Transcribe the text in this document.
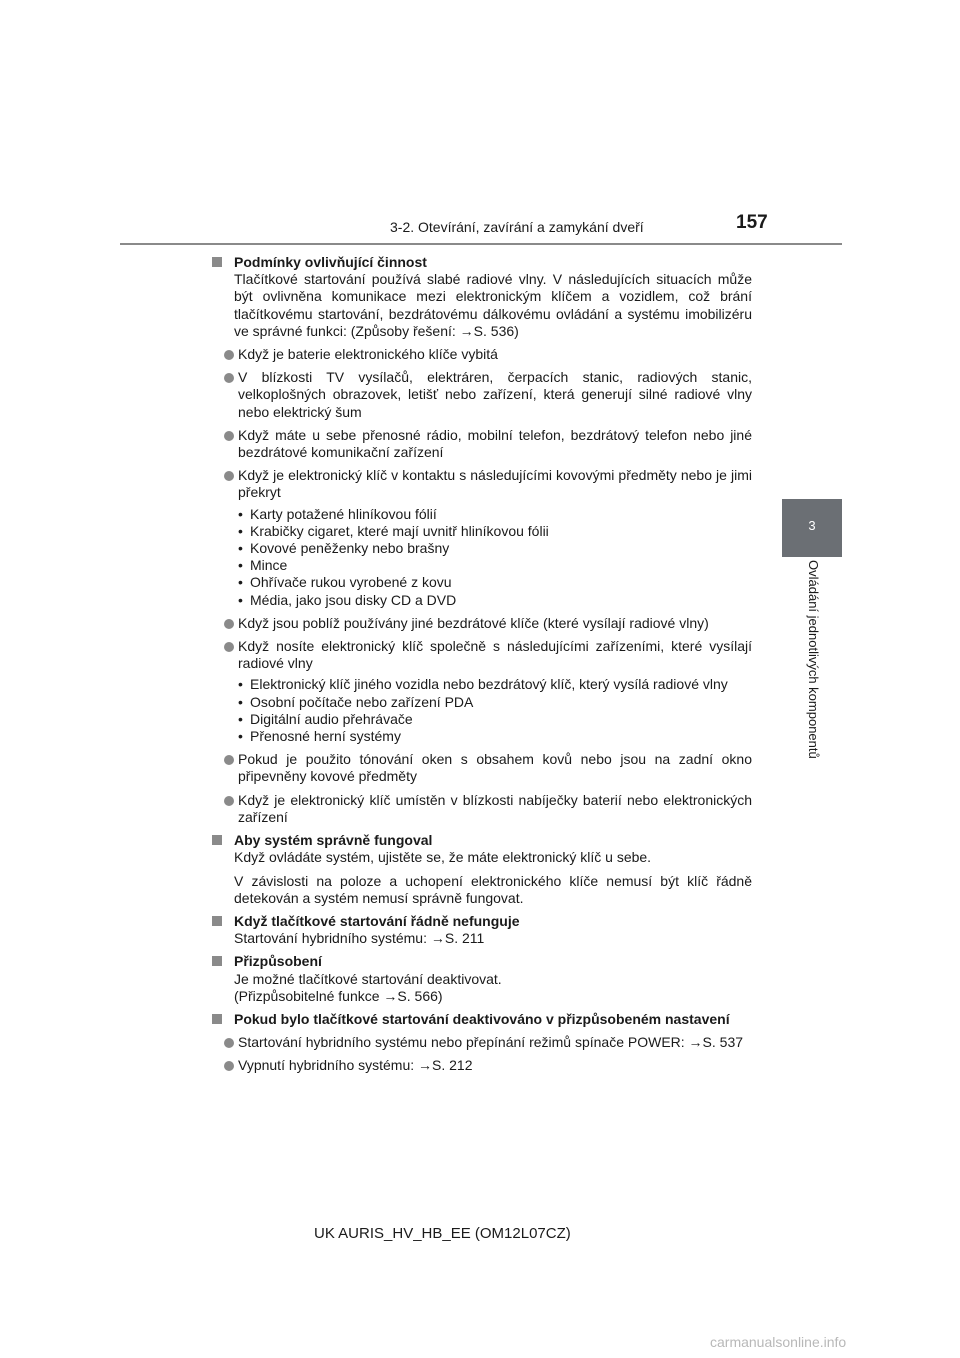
3-2. Otevírání, zavírání a zamykání dveří	157
3
Ovládání jednotlivých komponentů
Podmínky ovlivňující činnost
Tlačítkové startování používá slabé radiové vlny. V následujících situacích může být ovlivněna komunikace mezi elektronickým klíčem a vozidlem, což brání tlačítkovému startování, bezdrátovému dálkovému ovládání a systému imobilizéru ve správné funkci: (Způsoby řešení: →S. 536)
Když je baterie elektronického klíče vybitá
V blízkosti TV vysílačů, elektráren, čerpacích stanic, radiových stanic, velkoplošných obrazovek, letišť nebo zařízení, která generují silné radiové vlny nebo elektrický šum
Když máte u sebe přenosné rádio, mobilní telefon, bezdrátový telefon nebo jiné bezdrátové komunikační zařízení
Když je elektronický klíč v kontaktu s následujícími kovovými předměty nebo je jimi překryt
• Karty potažené hliníkovou fólií
• Krabičky cigaret, které mají uvnitř hliníkovou fólii
• Kovové peněženky nebo brašny
• Mince
• Ohřívače rukou vyrobené z kovu
• Média, jako jsou disky CD a DVD
Když jsou poblíž používány jiné bezdrátové klíče (které vysílají radiové vlny)
Když nosíte elektronický klíč společně s následujícími zařízeními, které vysílají radiové vlny
• Elektronický klíč jiného vozidla nebo bezdrátový klíč, který vysílá radiové vlny
• Osobní počítače nebo zařízení PDA
• Digitální audio přehrávače
• Přenosné herní systémy
Pokud je použito tónování oken s obsahem kovů nebo jsou na zadní okno připevněny kovové předměty
Když je elektronický klíč umístěn v blízkosti nabíječky baterií nebo elektronických zařízení
Aby systém správně fungoval
Když ovládáte systém, ujistěte se, že máte elektronický klíč u sebe.
V závislosti na poloze a uchopení elektronického klíče nemusí být klíč řádně detekován a systém nemusí správně fungovat.
Když tlačítkové startování řádně nefunguje
Startování hybridního systému: →S. 211
Přizpůsobení
Je možné tlačítkové startování deaktivovat.
(Přizpůsobitelné funkce →S. 566)
Pokud bylo tlačítkové startování deaktivováno v přizpůsobeném nastavení
Startování hybridního systému nebo přepínání režimů spínače POWER: →S. 537
Vypnutí hybridního systému: →S. 212
UK AURIS_HV_HB_EE (OM12L07CZ)
carmanualsonline.info
